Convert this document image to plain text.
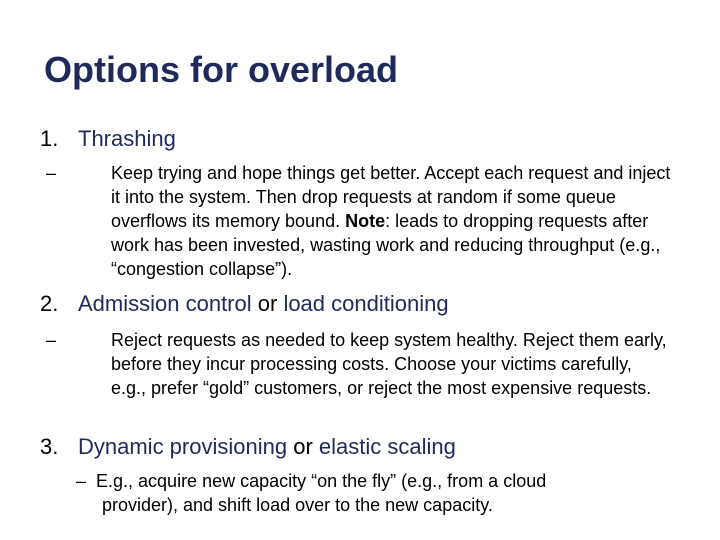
Options for overload
1. Thrashing
–	Keep trying and hope things get better. Accept each request and inject it into the system. Then drop requests at random if some queue overflows its memory bound. Note: leads to dropping requests after work has been invested, wasting work and reducing throughput (e.g., “congestion collapse”).
2. Admission control or load conditioning
–	Reject requests as needed to keep system healthy. Reject them early, before they incur processing costs. Choose your victims carefully, e.g., prefer “gold” customers, or reject the most expensive requests.
3. Dynamic provisioning or elastic scaling
– E.g., acquire new capacity “on the fly” (e.g., from a cloud
provider), and shift load over to the new capacity.
